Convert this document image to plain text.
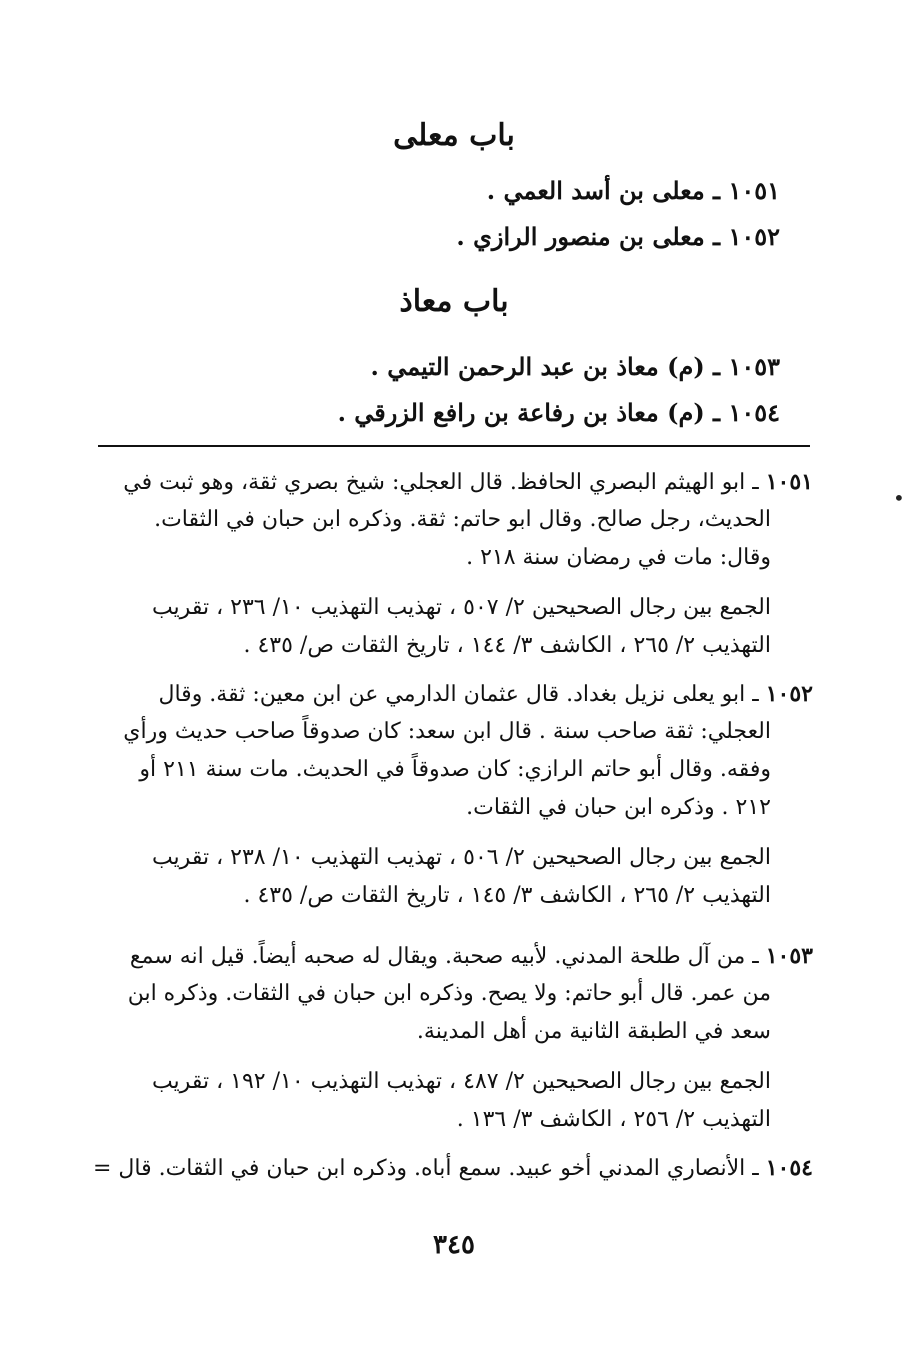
باب معلى
١٠٥١ ـ معلى بن أسد العمي .
١٠٥٢ ـ معلى بن منصور الرازي .
باب معاذ
١٠٥٣ ـ (م) معاذ بن عبد الرحمن التيمي .
١٠٥٤ ـ (م) معاذ بن رفاعة بن رافع الزرقي .
١٠٥١ ـ ابو الهيثم البصري الحافظ. قال العجلي: شيخ بصري ثقة، وهو ثبت في
الحديث، رجل صالح. وقال ابو حاتم: ثقة. وذكره ابن حبان في الثقات.
وقال: مات في رمضان سنة ٢١٨ .
الجمع بين رجال الصحيحين ٢/ ٥٠٧ ، تهذيب التهذيب ١٠/ ٢٣٦ ، تقريب
التهذيب ٢/ ٢٦٥ ، الكاشف ٣/ ١٤٤ ، تاريخ الثقات ص/ ٤٣٥ .
١٠٥٢ ـ ابو يعلى نزيل بغداد. قال عثمان الدارمي عن ابن معين: ثقة. وقال
العجلي: ثقة صاحب سنة . قال ابن سعد: كان صدوقاً صاحب حديث ورأي
وفقه. وقال أبو حاتم الرازي: كان صدوقاً في الحديث. مات سنة ٢١١ أو
٢١٢ . وذكره ابن حبان في الثقات.
الجمع بين رجال الصحيحين ٢/ ٥٠٦ ، تهذيب التهذيب ١٠/ ٢٣٨ ، تقريب
التهذيب ٢/ ٢٦٥ ، الكاشف ٣/ ١٤٥ ، تاريخ الثقات ص/ ٤٣٥ .
١٠٥٣ ـ من آل طلحة المدني. لأبيه صحبة. ويقال له صحبه أيضاً. قيل انه سمع
من عمر. قال أبو حاتم: ولا يصح. وذكره ابن حبان في الثقات. وذكره ابن
سعد في الطبقة الثانية من أهل المدينة.
الجمع بين رجال الصحيحين ٢/ ٤٨٧ ، تهذيب التهذيب ١٠/ ١٩٢ ، تقريب
التهذيب ٢/ ٢٥٦ ، الكاشف ٣/ ١٣٦ .
١٠٥٤ ـ الأنصاري المدني أخو عبيد. سمع أباه. وذكره ابن حبان في الثقات. قال =
٣٤٥
•
